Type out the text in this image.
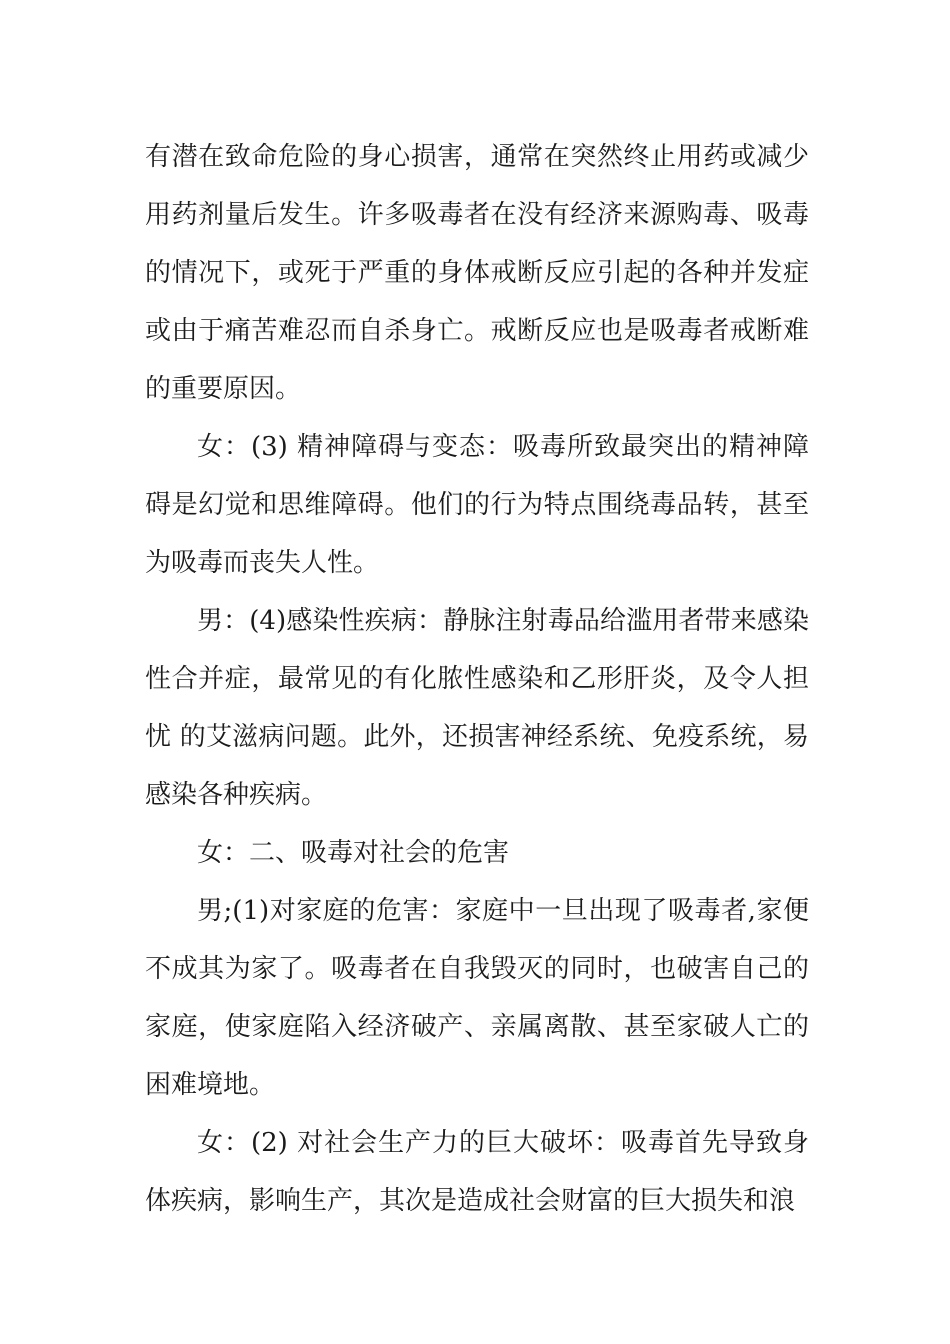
有潜在致命危险的身心损害，通常在突然终止用药或减少用药剂量后发生。许多吸毒者在没有经济来源购毒、吸毒的情况下，或死于严重的身体戒断反应引起的各种并发症或由于痛苦难忍而自杀身亡。戒断反应也是吸毒者戒断难的重要原因。

女：(3) 精神障碍与变态：吸毒所致最突出的精神障碍是幻觉和思维障碍。他们的行为特点围绕毒品转，甚至为吸毒而丧失人性。

男：(4)感染性疾病：静脉注射毒品给滥用者带来感染性合并症，最常见的有化脓性感染和乙形肝炎，及令人担忧 的艾滋病问题。此外，还损害神经系统、免疫系统，易感染各种疾病。

女：二、吸毒对社会的危害

男;(1)对家庭的危害：家庭中一旦出现了吸毒者,家便不成其为家了。吸毒者在自我毁灭的同时，也破害自己的家庭，使家庭陷入经济破产、亲属离散、甚至家破人亡的困难境地。

女：(2) 对社会生产力的巨大破坏：吸毒首先导致身体疾病，影响生产，其次是造成社会财富的巨大损失和浪
